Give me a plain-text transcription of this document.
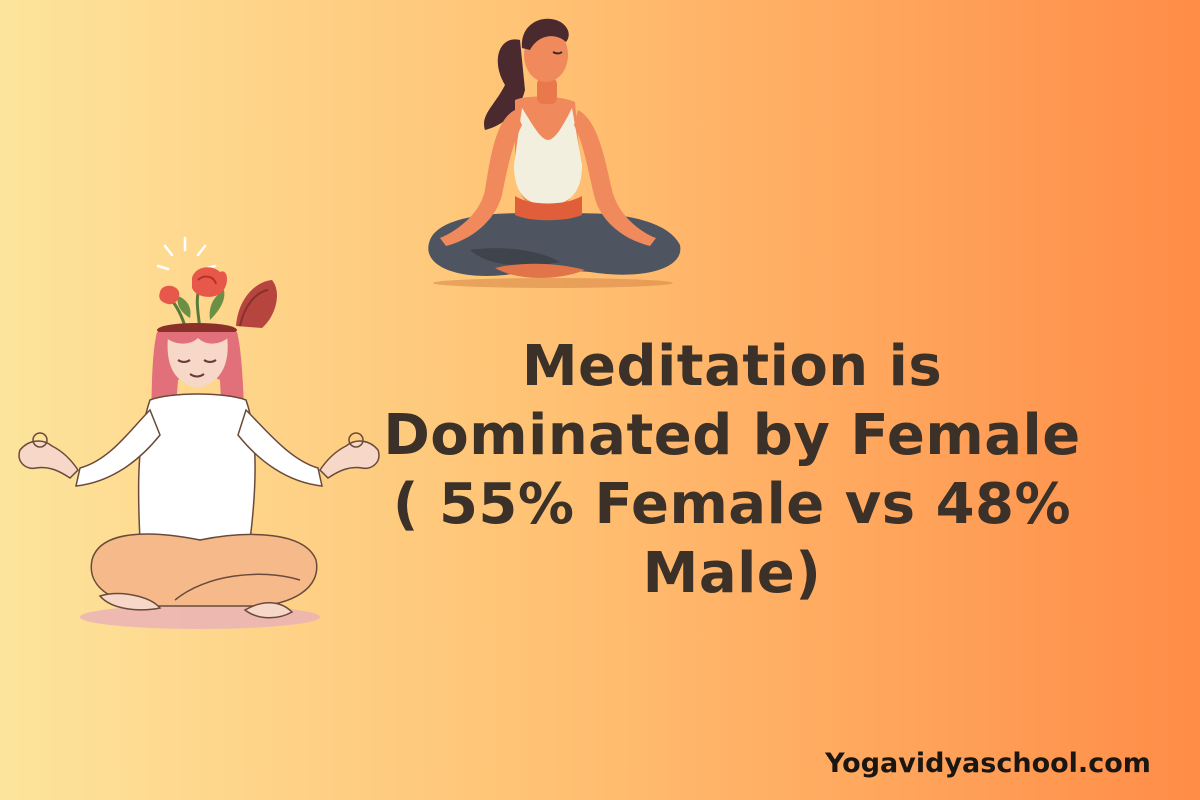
Meditation is
Dominated by Female
( 55% Female vs 48%
Male)
Yogavidyaschool.com
